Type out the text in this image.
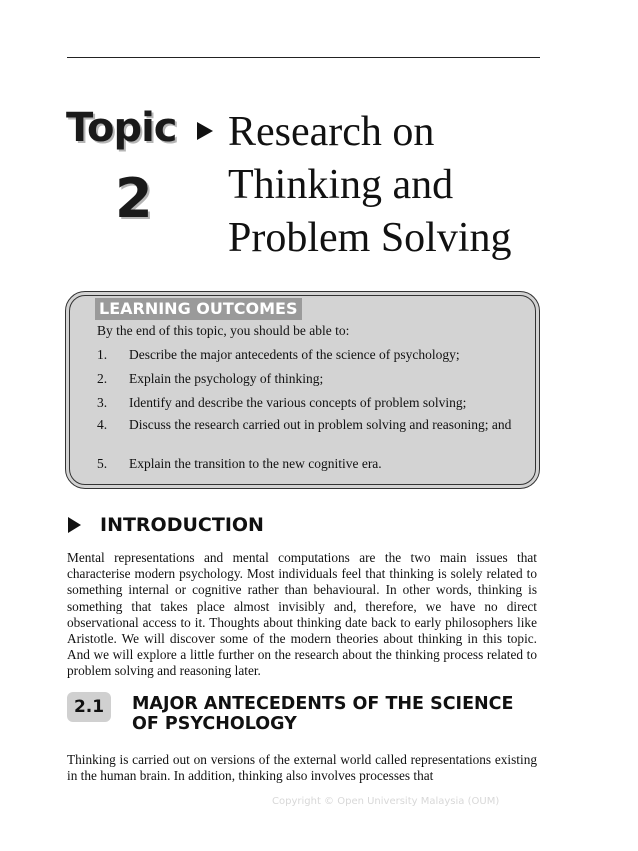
Topic
2
Research on
Thinking and
Problem Solving
LEARNING OUTCOMES
By the end of this topic, you should be able to:
1.	Describe the major antecedents of the science of psychology;
2.	Explain the psychology of thinking;
3.	Identify and describe the various concepts of problem solving;
4.	Discuss the research carried out in problem solving and reasoning; and
5.	Explain the transition to the new cognitive era.
INTRODUCTION
Mental representations and mental computations are the two main issues that characterise modern psychology. Most individuals feel that thinking is solely related to something internal or cognitive rather than behavioural. In other words, thinking is something that takes place almost invisibly and, therefore, we have no direct observational access to it. Thoughts about thinking date back to early philosophers like Aristotle. We will discover some of the modern theories about thinking in this topic. And we will explore a little further on the research about the thinking process related to problem solving and reasoning later.
2.1	MAJOR ANTECEDENTS OF THE SCIENCE OF PSYCHOLOGY
Thinking is carried out on versions of the external world called representations existing in the human brain. In addition, thinking also involves processes that
Copyright © Open University Malaysia (OUM)
